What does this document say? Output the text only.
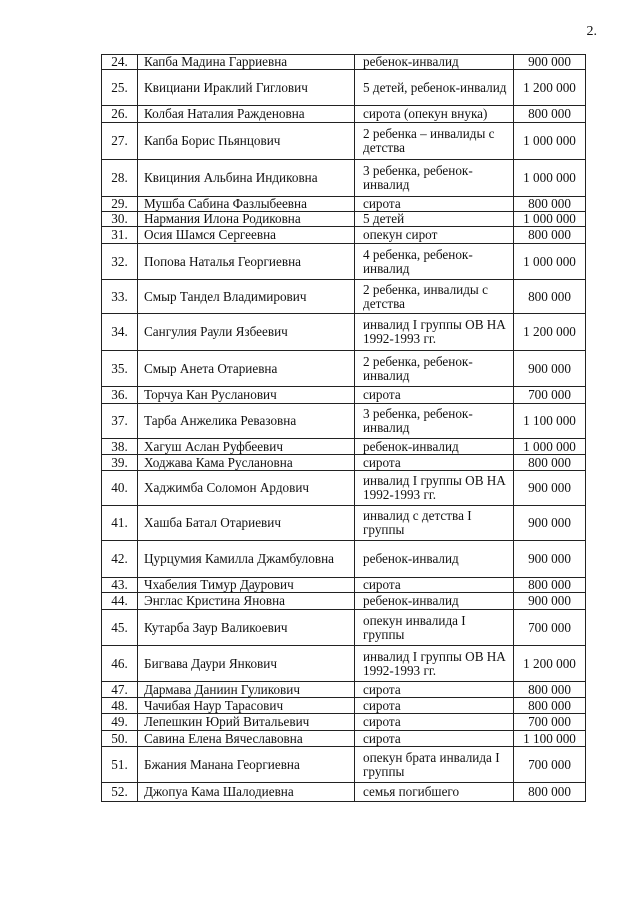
2.
24.	Капба Мадина Гарриевна	ребенок-инвалид	900 000
25.	Квициани Ираклий Гиглович	5 детей, ребенок-инвалид	1 200 000
26.	Колбая Наталия Ражденовна	сирота (опекун внука)	800 000
27.	Капба Борис Пьянцович	2 ребенка – инвалиды с детства	1 000 000
28.	Квициния Альбина Индиковна	3 ребенка, ребенок-инвалид	1 000 000
29.	Мушба Сабина Фазлыбеевна	сирота	800 000
30.	Нармания Илона Родиковна	5 детей	1 000 000
31.	Осия Шамся Сергеевна	опекун сирот	800 000
32.	Попова Наталья Георгиевна	4 ребенка, ребенок-инвалид	1 000 000
33.	Смыр Тандел Владимирович	2 ребенка, инвалиды с детства	800 000
34.	Сангулия Раули Язбеевич	инвалид I группы ОВ НА 1992-1993 гг.	1 200 000
35.	Смыр Анета Отариевна	2 ребенка, ребенок-инвалид	900 000
36.	Торчуа Кан Русланович	сирота	700 000
37.	Тарба Анжелика Ревазовна	3 ребенка, ребенок-инвалид	1 100 000
38.	Хагуш Аслан Руфбеевич	ребенок-инвалид	1 000 000
39.	Ходжава Кама Руслановна	сирота	800 000
40.	Хаджимба Соломон Ардович	инвалид I группы ОВ НА 1992-1993 гг.	900 000
41.	Хашба Батал Отариевич	инвалид с детства I группы	900 000
42.	Цурцумия Камилла Джамбуловна	ребенок-инвалид	900 000
43.	Чхабелия Тимур Даурович	сирота	800 000
44.	Энглас Кристина Яновна	ребенок-инвалид	900 000
45.	Кутарба Заур Валикоевич	опекун инвалида I группы	700 000
46.	Бигвава Даури Янкович	инвалид I группы ОВ НА 1992-1993 гг.	1 200 000
47.	Дармава Даниин Гуликович	сирота	800 000
48.	Чачибая Наур Тарасович	сирота	800 000
49.	Лепешкин Юрий Витальевич	сирота	700 000
50.	Савина Елена Вячеславовна	сирота	1 100 000
51.	Бжания Манана Георгиевна	опекун брата инвалида I группы	700 000
52.	Джопуа Кама Шалодиевна	семья погибшего	800 000
